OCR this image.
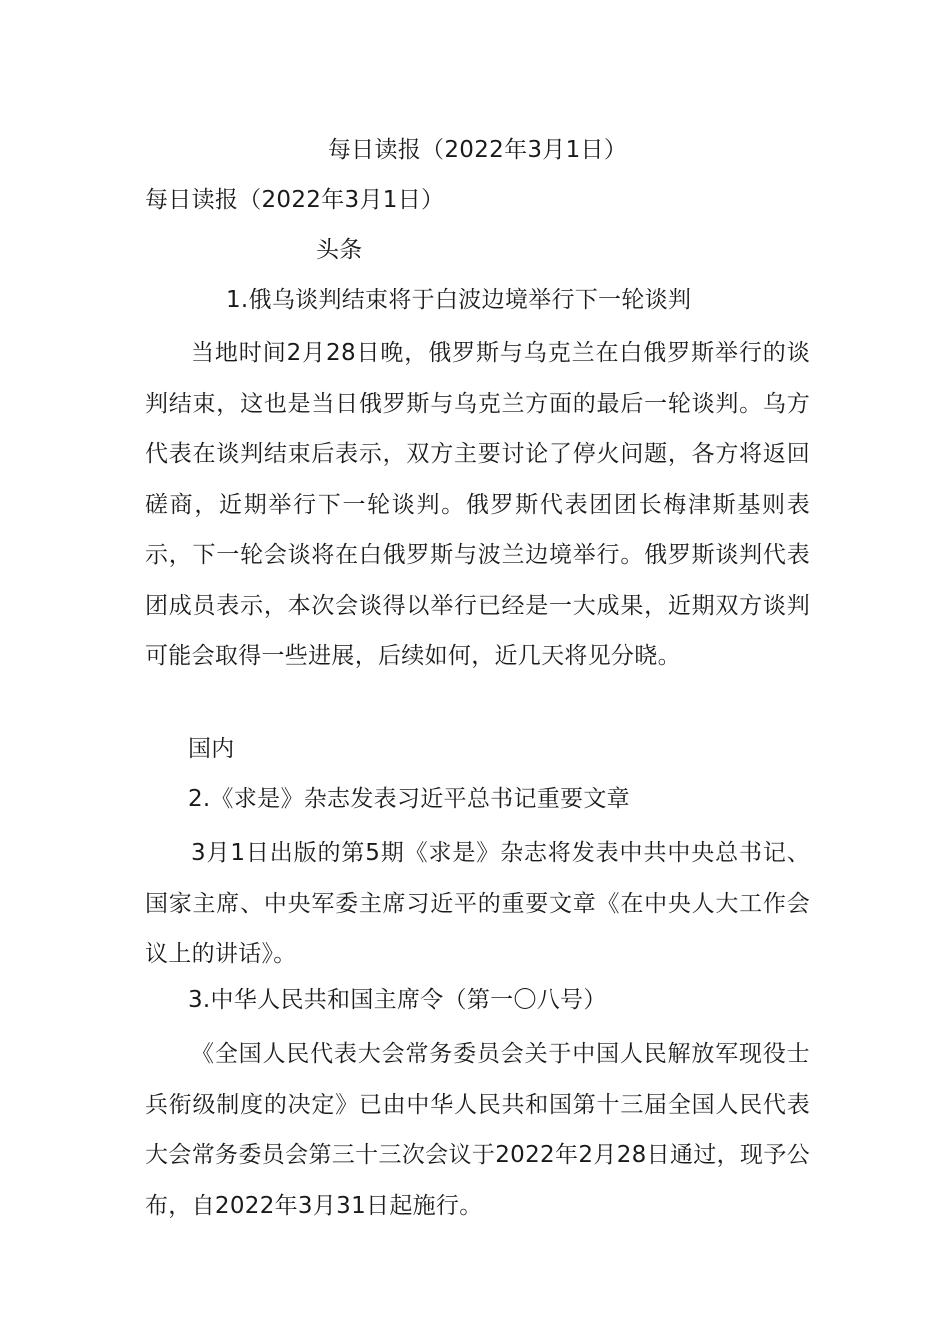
每日读报（2022年3月1日）
每日读报（2022年3月1日）
头条
1.俄乌谈判结束将于白波边境举行下一轮谈判
当地时间2月28日晚，俄罗斯与乌克兰在白俄罗斯举行的谈判结束，这也是当日俄罗斯与乌克兰方面的最后一轮谈判。乌方代表在谈判结束后表示，双方主要讨论了停火问题，各方将返回磋商，近期举行下一轮谈判。俄罗斯代表团团长梅津斯基则表示，下一轮会谈将在白俄罗斯与波兰边境举行。俄罗斯谈判代表团成员表示，本次会谈得以举行已经是一大成果，近期双方谈判可能会取得一些进展，后续如何，近几天将见分晓。
国内
2.《求是》杂志发表习近平总书记重要文章
3月1日出版的第5期《求是》杂志将发表中共中央总书记、国家主席、中央军委主席习近平的重要文章《在中央人大工作会议上的讲话》。
3.中华人民共和国主席令（第一〇八号）
《全国人民代表大会常务委员会关于中国人民解放军现役士兵衔级制度的决定》已由中华人民共和国第十三届全国人民代表大会常务委员会第三十三次会议于2022年2月28日通过，现予公布，自2022年3月31日起施行。
